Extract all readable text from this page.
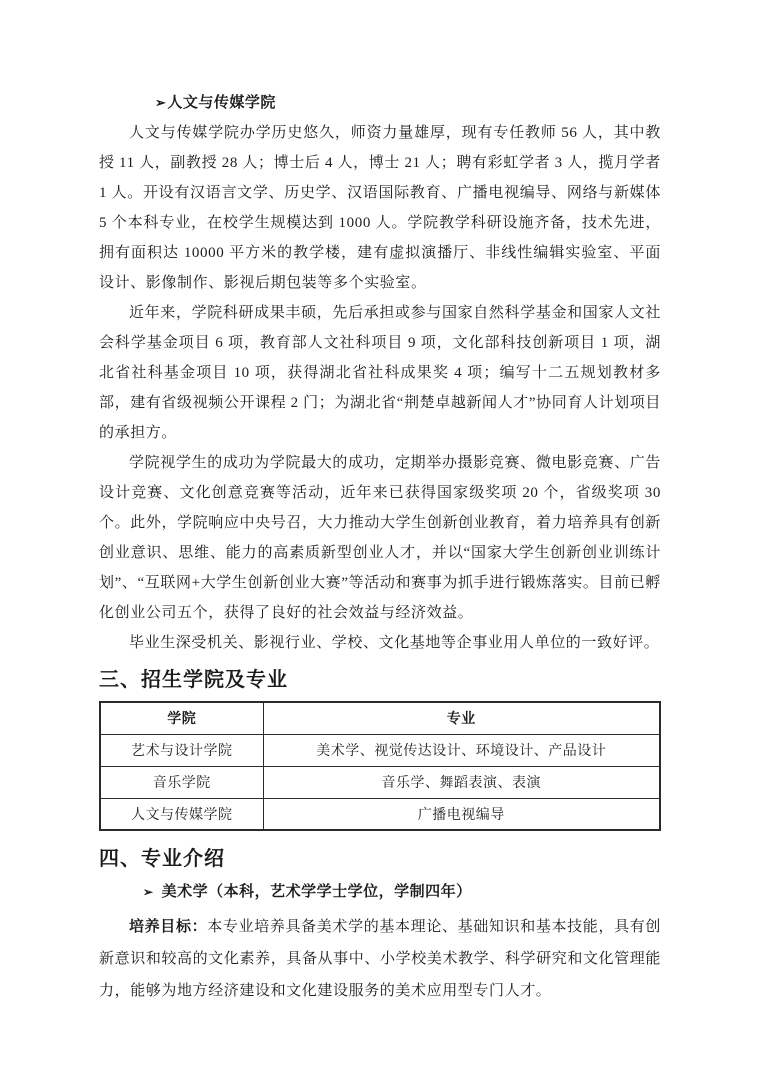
➢人文与传媒学院

人文与传媒学院办学历史悠久，师资力量雄厚，现有专任教师 56 人，其中教授 11 人，副教授 28 人；博士后 4 人，博士 21 人；聘有彩虹学者 3 人，揽月学者 1 人。开设有汉语言文学、历史学、汉语国际教育、广播电视编导、网络与新媒体 5 个本科专业，在校学生规模达到 1000 人。学院教学科研设施齐备，技术先进，拥有面积达 10000 平方米的教学楼，建有虚拟演播厅、非线性编辑实验室、平面设计、影像制作、影视后期包装等多个实验室。

近年来，学院科研成果丰硕，先后承担或参与国家自然科学基金和国家人文社会科学基金项目 6 项，教育部人文社科项目 9 项，文化部科技创新项目 1 项，湖北省社科基金项目 10 项，获得湖北省社科成果奖 4 项；编写十二五规划教材多部，建有省级视频公开课程 2 门；为湖北省“荆楚卓越新闻人才”协同育人计划项目的承担方。

学院视学生的成功为学院最大的成功，定期举办摄影竞赛、微电影竞赛、广告设计竞赛、文化创意竞赛等活动，近年来已获得国家级奖项 20 个，省级奖项 30 个。此外，学院响应中央号召，大力推动大学生创新创业教育，着力培养具有创新创业意识、思维、能力的高素质新型创业人才，并以“国家大学生创新创业训练计划”、“互联网+大学生创新创业大赛”等活动和赛事为抓手进行锻炼落实。目前已孵化创业公司五个，获得了良好的社会效益与经济效益。

毕业生深受机关、影视行业、学校、文化基地等企事业用人单位的一致好评。

三、招生学院及专业
学院	专业
艺术与设计学院	美术学、视觉传达设计、环境设计、产品设计
音乐学院	音乐学、舞蹈表演、表演
人文与传媒学院	广播电视编导
四、专业介绍
➢ 美术学（本科，艺术学学士学位，学制四年）

培养目标：本专业培养具备美术学的基本理论、基础知识和基本技能，具有创新意识和较高的文化素养，具备从事中、小学校美术教学、科学研究和文化管理能力，能够为地方经济建设和文化建设服务的美术应用型专门人才。
